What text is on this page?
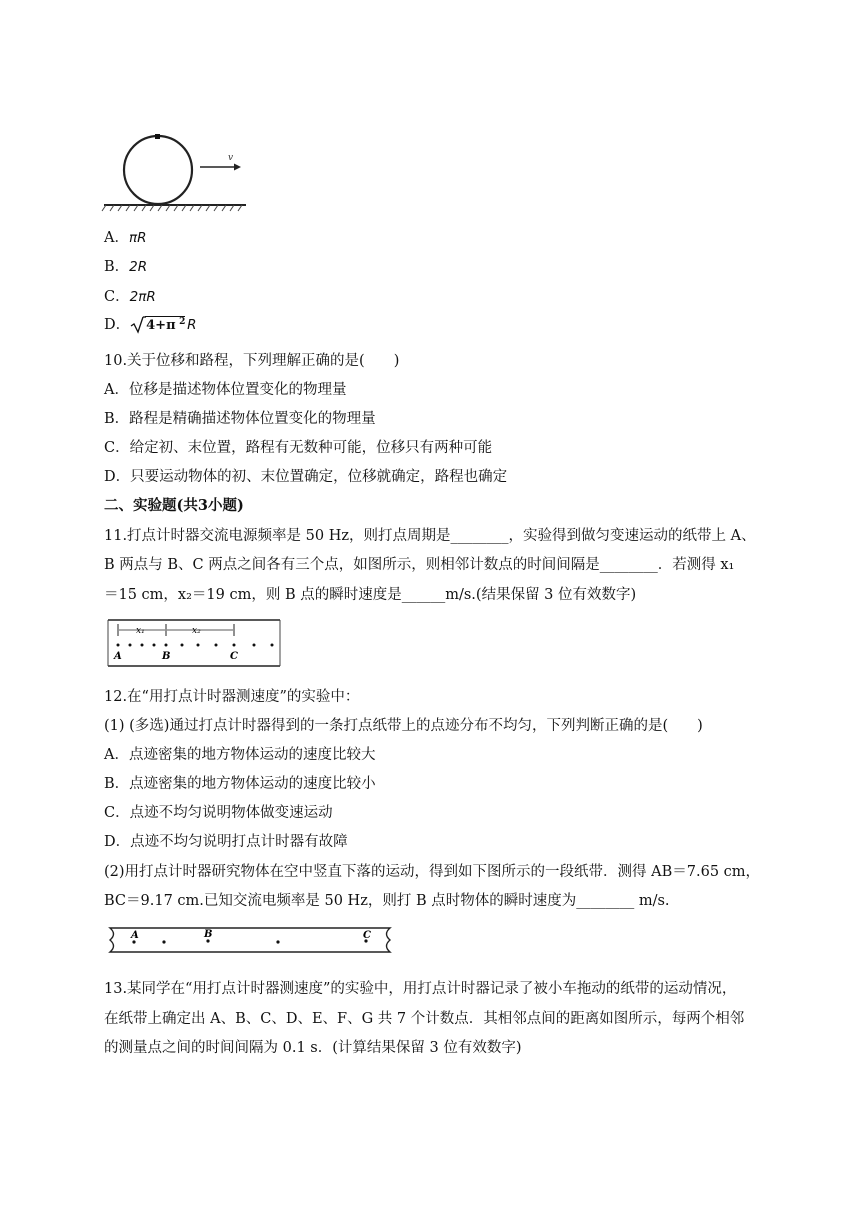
v
A．πR
B．2R
C．2πR
D． 4+π 2 R
10.关于位移和路程，下列理解正确的是(　　)
A．位移是描述物体位置变化的物理量
B．路程是精确描述物体位置变化的物理量
C．给定初、末位置，路程有无数种可能，位移只有两种可能
D．只要运动物体的初、末位置确定，位移就确定，路程也确定
二、实验题(共3小题)
11.打点计时器交流电源频率是 50 Hz，则打点周期是________，实验得到做匀变速运动的纸带上 A、
B 两点与 B、C 两点之间各有三个点，如图所示，则相邻计数点的时间间隔是________．若测得 x₁
＝15 cm，x₂＝19 cm，则 B 点的瞬时速度是______m/s.(结果保留 3 位有效数字)
x₁	x₂
A	B	C
12.在“用打点计时器测速度”的实验中：
(1) (多选)通过打点计时器得到的一条打点纸带上的点迹分布不均匀，下列判断正确的是(　　)
A．点迹密集的地方物体运动的速度比较大
B．点迹密集的地方物体运动的速度比较小
C．点迹不均匀说明物体做变速运动
D．点迹不均匀说明打点计时器有故障
(2)用打点计时器研究物体在空中竖直下落的运动，得到如下图所示的一段纸带．测得 AB＝7.65 cm，
BC＝9.17 cm.已知交流电频率是 50 Hz，则打 B 点时物体的瞬时速度为________ m/s.
A	B	C
13.某同学在“用打点计时器测速度”的实验中，用打点计时器记录了被小车拖动的纸带的运动情况，
在纸带上确定出 A、B、C、D、E、F、G 共 7 个计数点．其相邻点间的距离如图所示，每两个相邻
的测量点之间的时间间隔为 0.1 s．(计算结果保留 3 位有效数字)
